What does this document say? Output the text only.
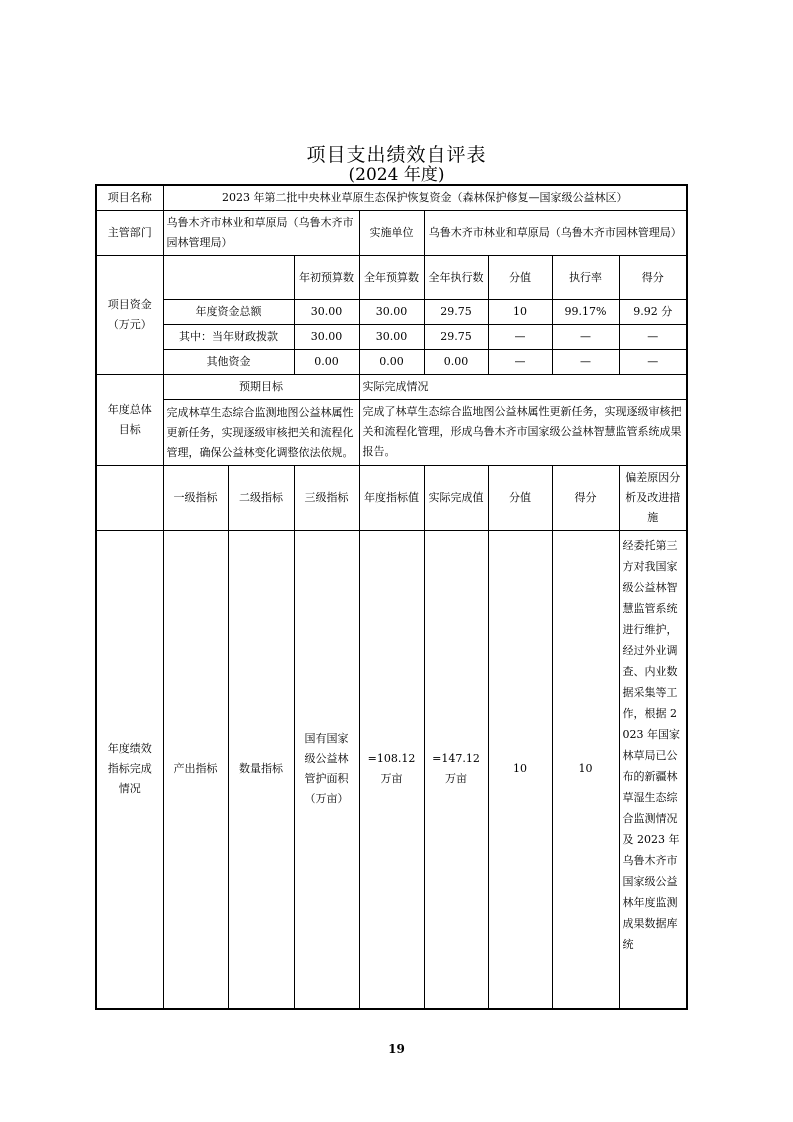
项目支出绩效自评表
(2024 年度)
项目名称	2023 年第二批中央林业草原生态保护恢复资金（森林保护修复—国家级公益林区）							
主管部门	乌鲁木齐市林业和草原局（乌鲁木齐市园林管理局）			实施单位	乌鲁木齐市林业和草原局（乌鲁木齐市园林管理局）			
项目资金（万元）			年初预算数	全年预算数	全年执行数	分值	执行率	得分
	年度资金总额		30.00	30.00	29.75	10	99.17%	9.92 分
	其中：当年财政拨款		30.00	30.00	29.75	—	—	—
	其他资金		0.00	0.00	0.00	—	—	—
年度总体目标	预期目标			实际完成情况				
	完成林草生态综合监测地图公益林属性更新任务，实现逐级审核把关和流程化管理，确保公益林变化调整依法依规。			完成了林草生态综合监地图公益林属性更新任务，实现逐级审核把关和流程化管理，形成乌鲁木齐市国家级公益林智慧监管系统成果报告。				
	一级指标	二级指标	三级指标	年度指标值	实际完成值	分值	得分	偏差原因分析及改进措施
年度绩效指标完成情况	产出指标	数量指标	国有国家级公益林管护面积（万亩）	=108.12 万亩	=147.12 万亩	10	10	经委托第三方对我国家级公益林智慧监管系统进行维护，经过外业调查、内业数据采集等工作，根据 2023 年国家林草局已公布的新疆林草湿生态综合监测情况及 2023 年乌鲁木齐市国家级公益林年度监测成果数据库统
19
